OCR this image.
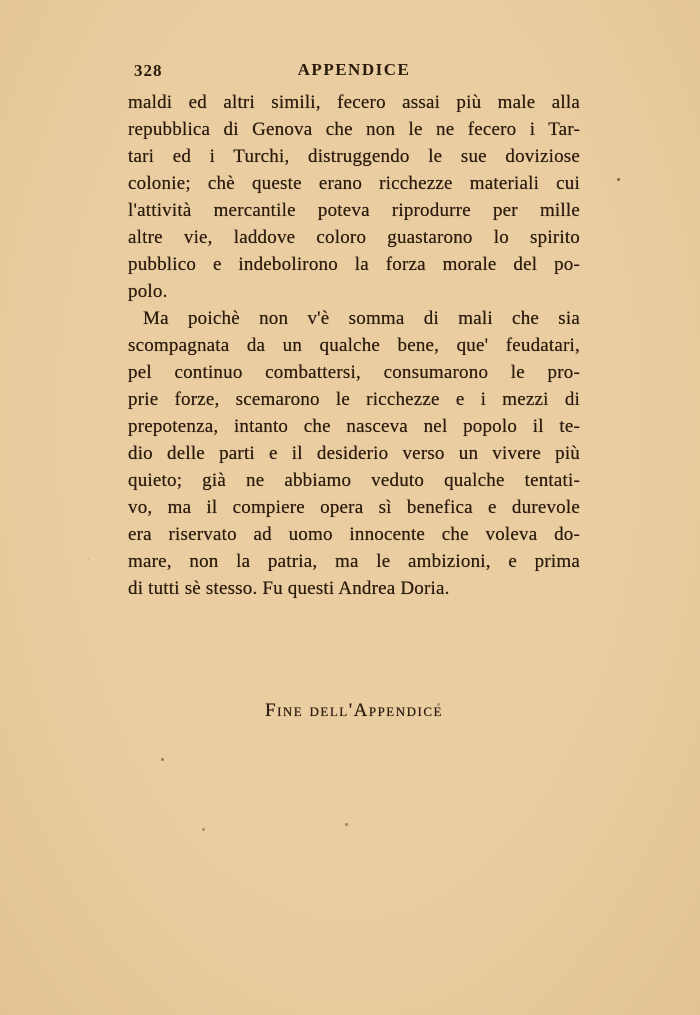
328	APPENDICE
maldi ed altri simili, fecero assai più male alla
repubblica di Genova che non le ne fecero i Tar-
tari ed i Turchi, distruggendo le sue doviziose
colonie; chè queste erano ricchezze materiali cui
l'attività mercantile poteva riprodurre per mille
altre vie, laddove coloro guastarono lo spirito
pubblico e indebolirono la forza morale del po-
polo.
Ma poichè non v'è somma di mali che sia
scompagnata da un qualche bene, que' feudatari,
pel continuo combattersi, consumarono le pro-
prie forze, scemarono le ricchezze e i mezzi di
prepotenza, intanto che nasceva nel popolo il te-
dio delle parti e il desiderio verso un vivere più
quieto; già ne abbiamo veduto qualche tentati-
vo, ma il compiere opera sì benefica e durevole
era riservato ad uomo innocente che voleva do-
mare, non la patria, ma le ambizioni, e prima
di tutti sè stesso. Fu questi Andrea Doria.
Fine dell'Appendice
